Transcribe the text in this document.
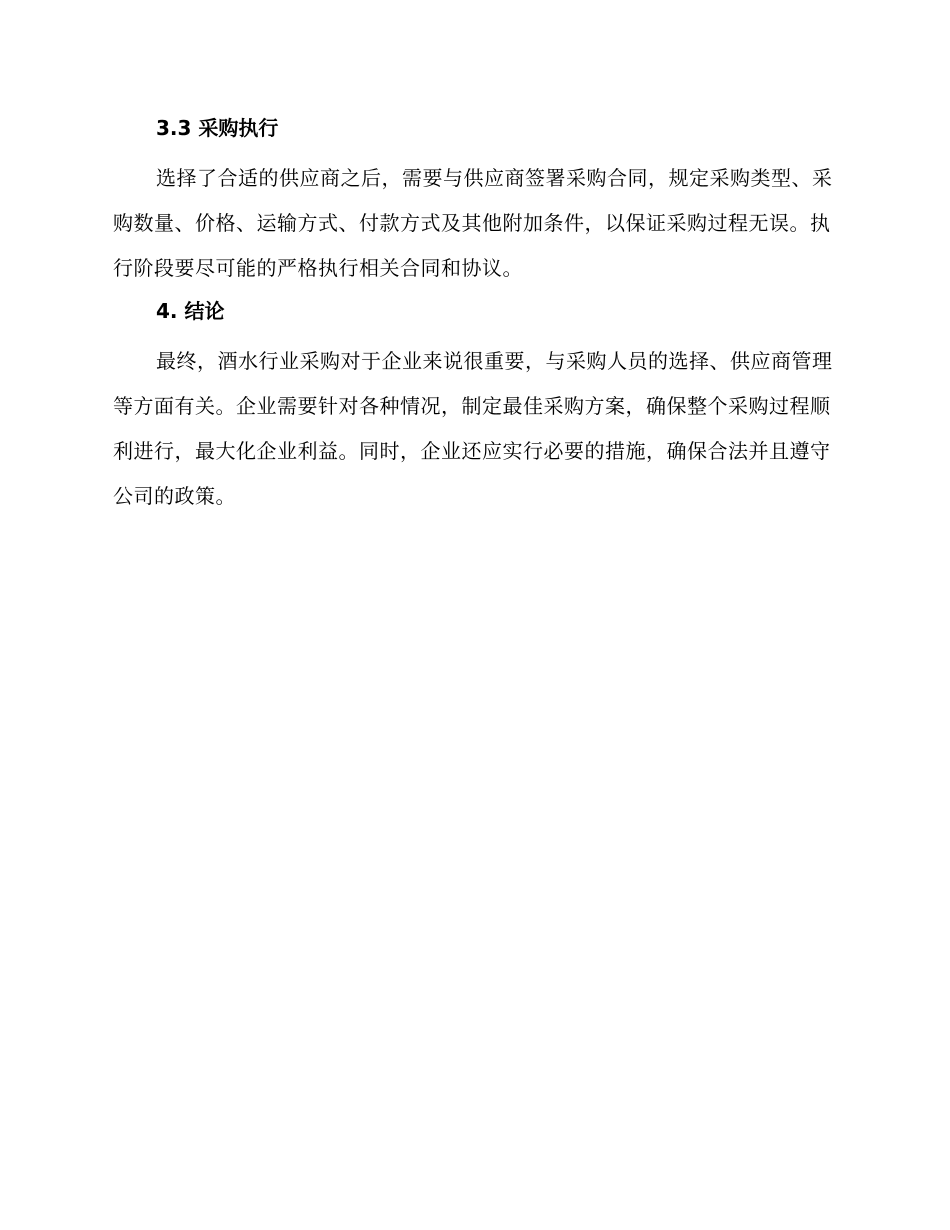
3.3 采购执行

选择了合适的供应商之后，需要与供应商签署采购合同，规定采购类型、采购数量、价格、运输方式、付款方式及其他附加条件，以保证采购过程无误。执行阶段要尽可能的严格执行相关合同和协议。

4. 结论

最终，酒水行业采购对于企业来说很重要，与采购人员的选择、供应商管理等方面有关。企业需要针对各种情况，制定最佳采购方案，确保整个采购过程顺利进行，最大化企业利益。同时，企业还应实行必要的措施，确保合法并且遵守公司的政策。
